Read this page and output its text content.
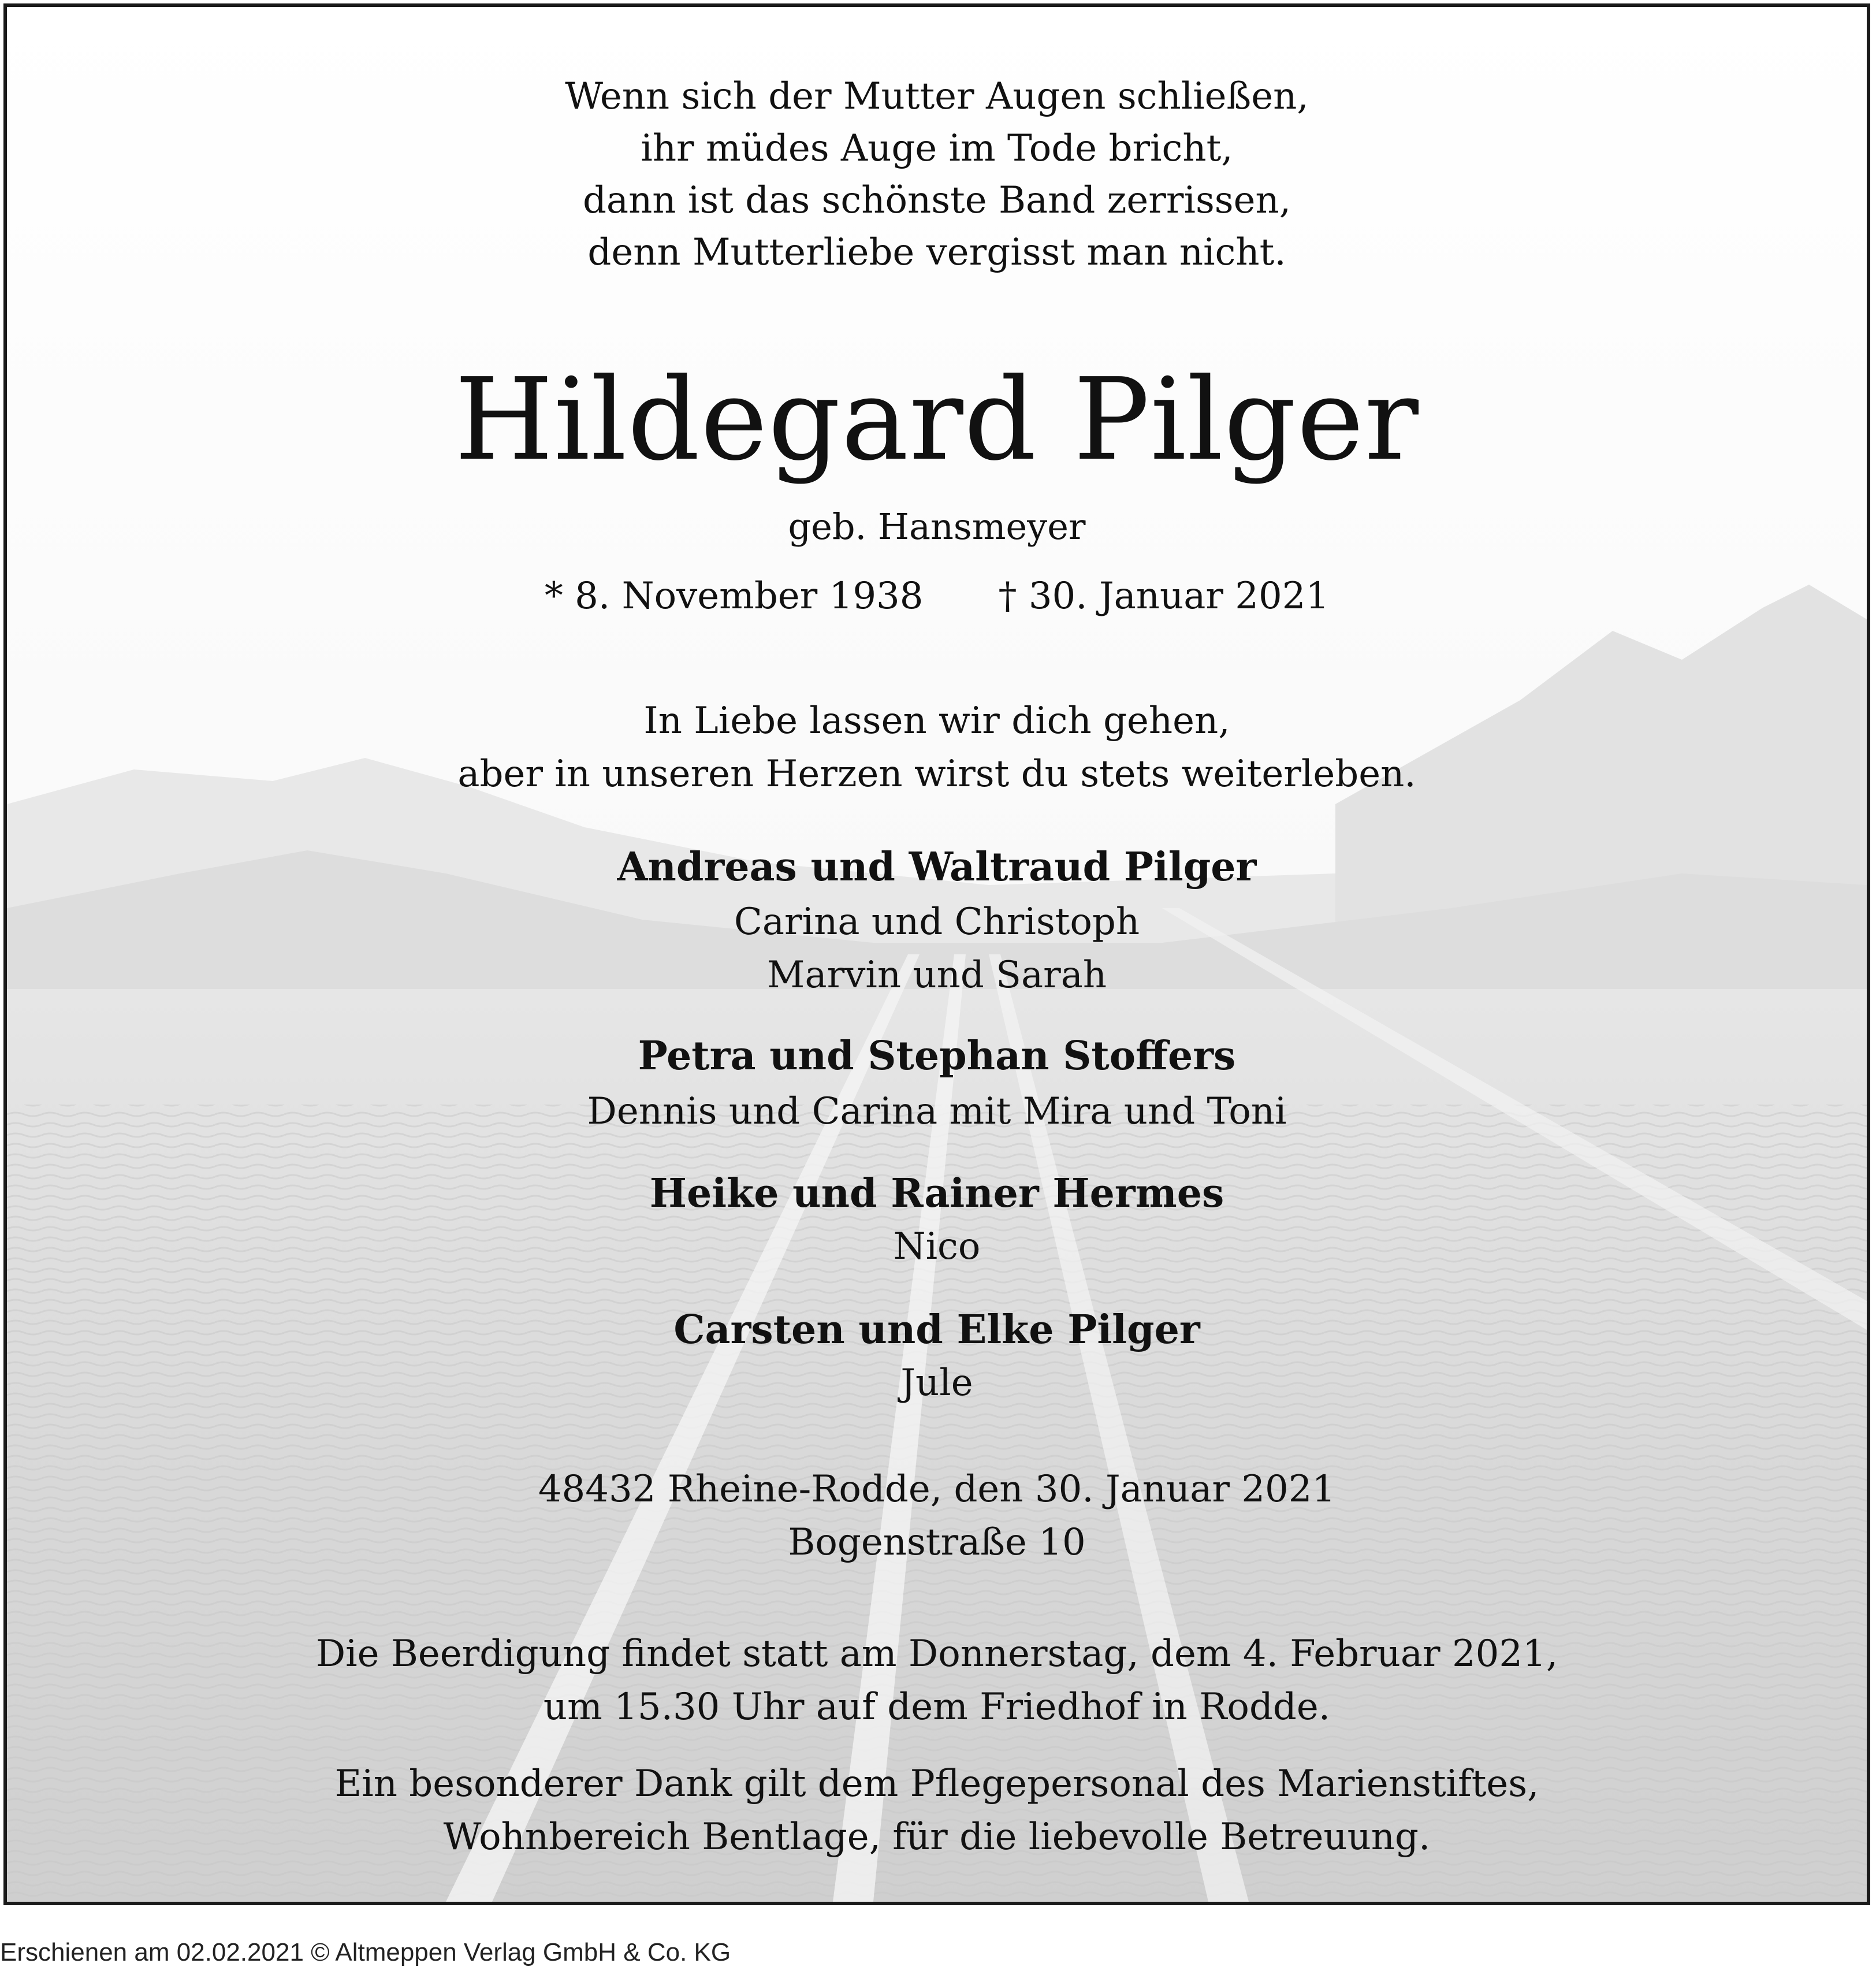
Wenn sich der Mutter Augen schließen,
ihr müdes Auge im Tode bricht,
dann ist das schönste Band zerrissen,
denn Mutterliebe vergisst man nicht.
Hildegard Pilger
geb. Hansmeyer
* 8. November 1938 † 30. Januar 2021
In Liebe lassen wir dich gehen,
aber in unseren Herzen wirst du stets weiterleben.
Andreas und Waltraud Pilger
Carina und Christoph
Marvin und Sarah
Petra und Stephan Stoffers
Dennis und Carina mit Mira und Toni
Heike und Rainer Hermes
Nico
Carsten und Elke Pilger
Jule
48432 Rheine-Rodde, den 30. Januar 2021
Bogenstraße 10
Die Beerdigung findet statt am Donnerstag, dem 4. Februar 2021,
um 15.30 Uhr auf dem Friedhof in Rodde.
Ein besonderer Dank gilt dem Pflegepersonal des Marienstiftes,
Wohnbereich Bentlage, für die liebevolle Betreuung.
Erschienen am 02.02.2021 © Altmeppen Verlag GmbH & Co. KG
